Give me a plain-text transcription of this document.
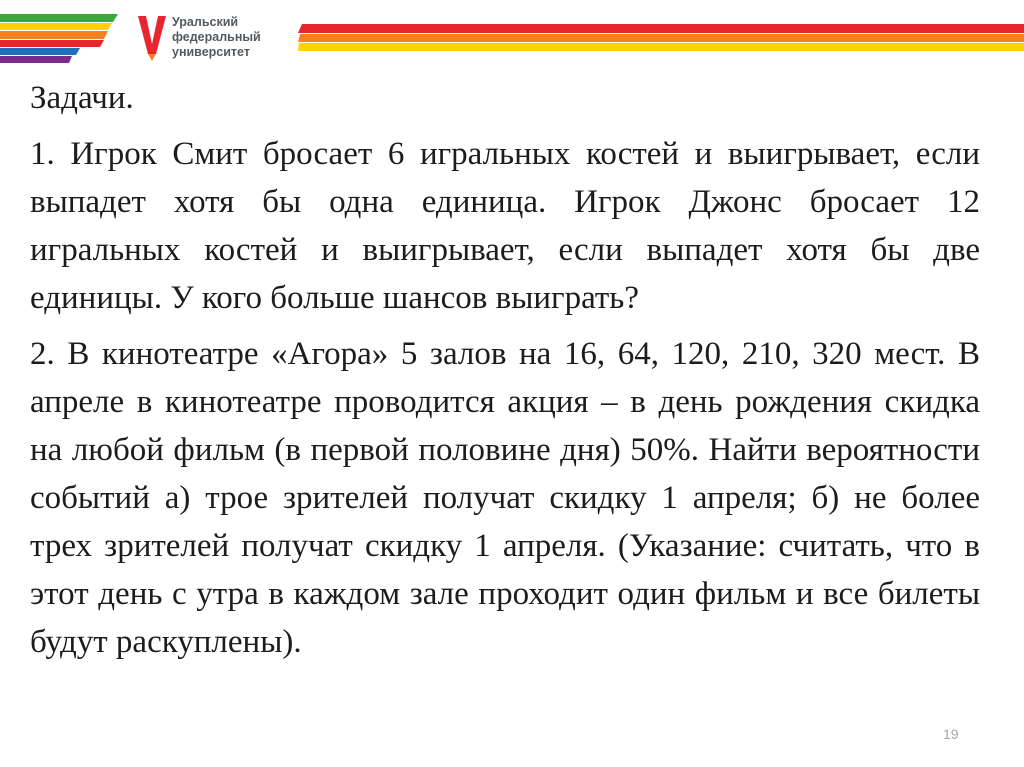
Уральский
федеральный
университет
Задачи.
1. Игрок Смит бросает 6 игральных костей и выигрывает, если выпадет хотя бы одна единица. Игрок Джонс бросает 12 игральных костей и выигрывает, если выпадет хотя бы две единицы. У кого больше шансов выиграть?
2. В кинотеатре «Агора» 5 залов на 16, 64, 120, 210, 320 мест. В апреле в кинотеатре проводится акция – в день рождения скидка на любой фильм (в первой половине дня) 50%. Найти вероятности событий а) трое зрителей получат скидку 1 апреля; б) не более трех зрителей получат скидку 1 апреля. (Указание: считать, что в этот день с утра в каждом зале проходит один фильм и все билеты будут раскуплены).
19
